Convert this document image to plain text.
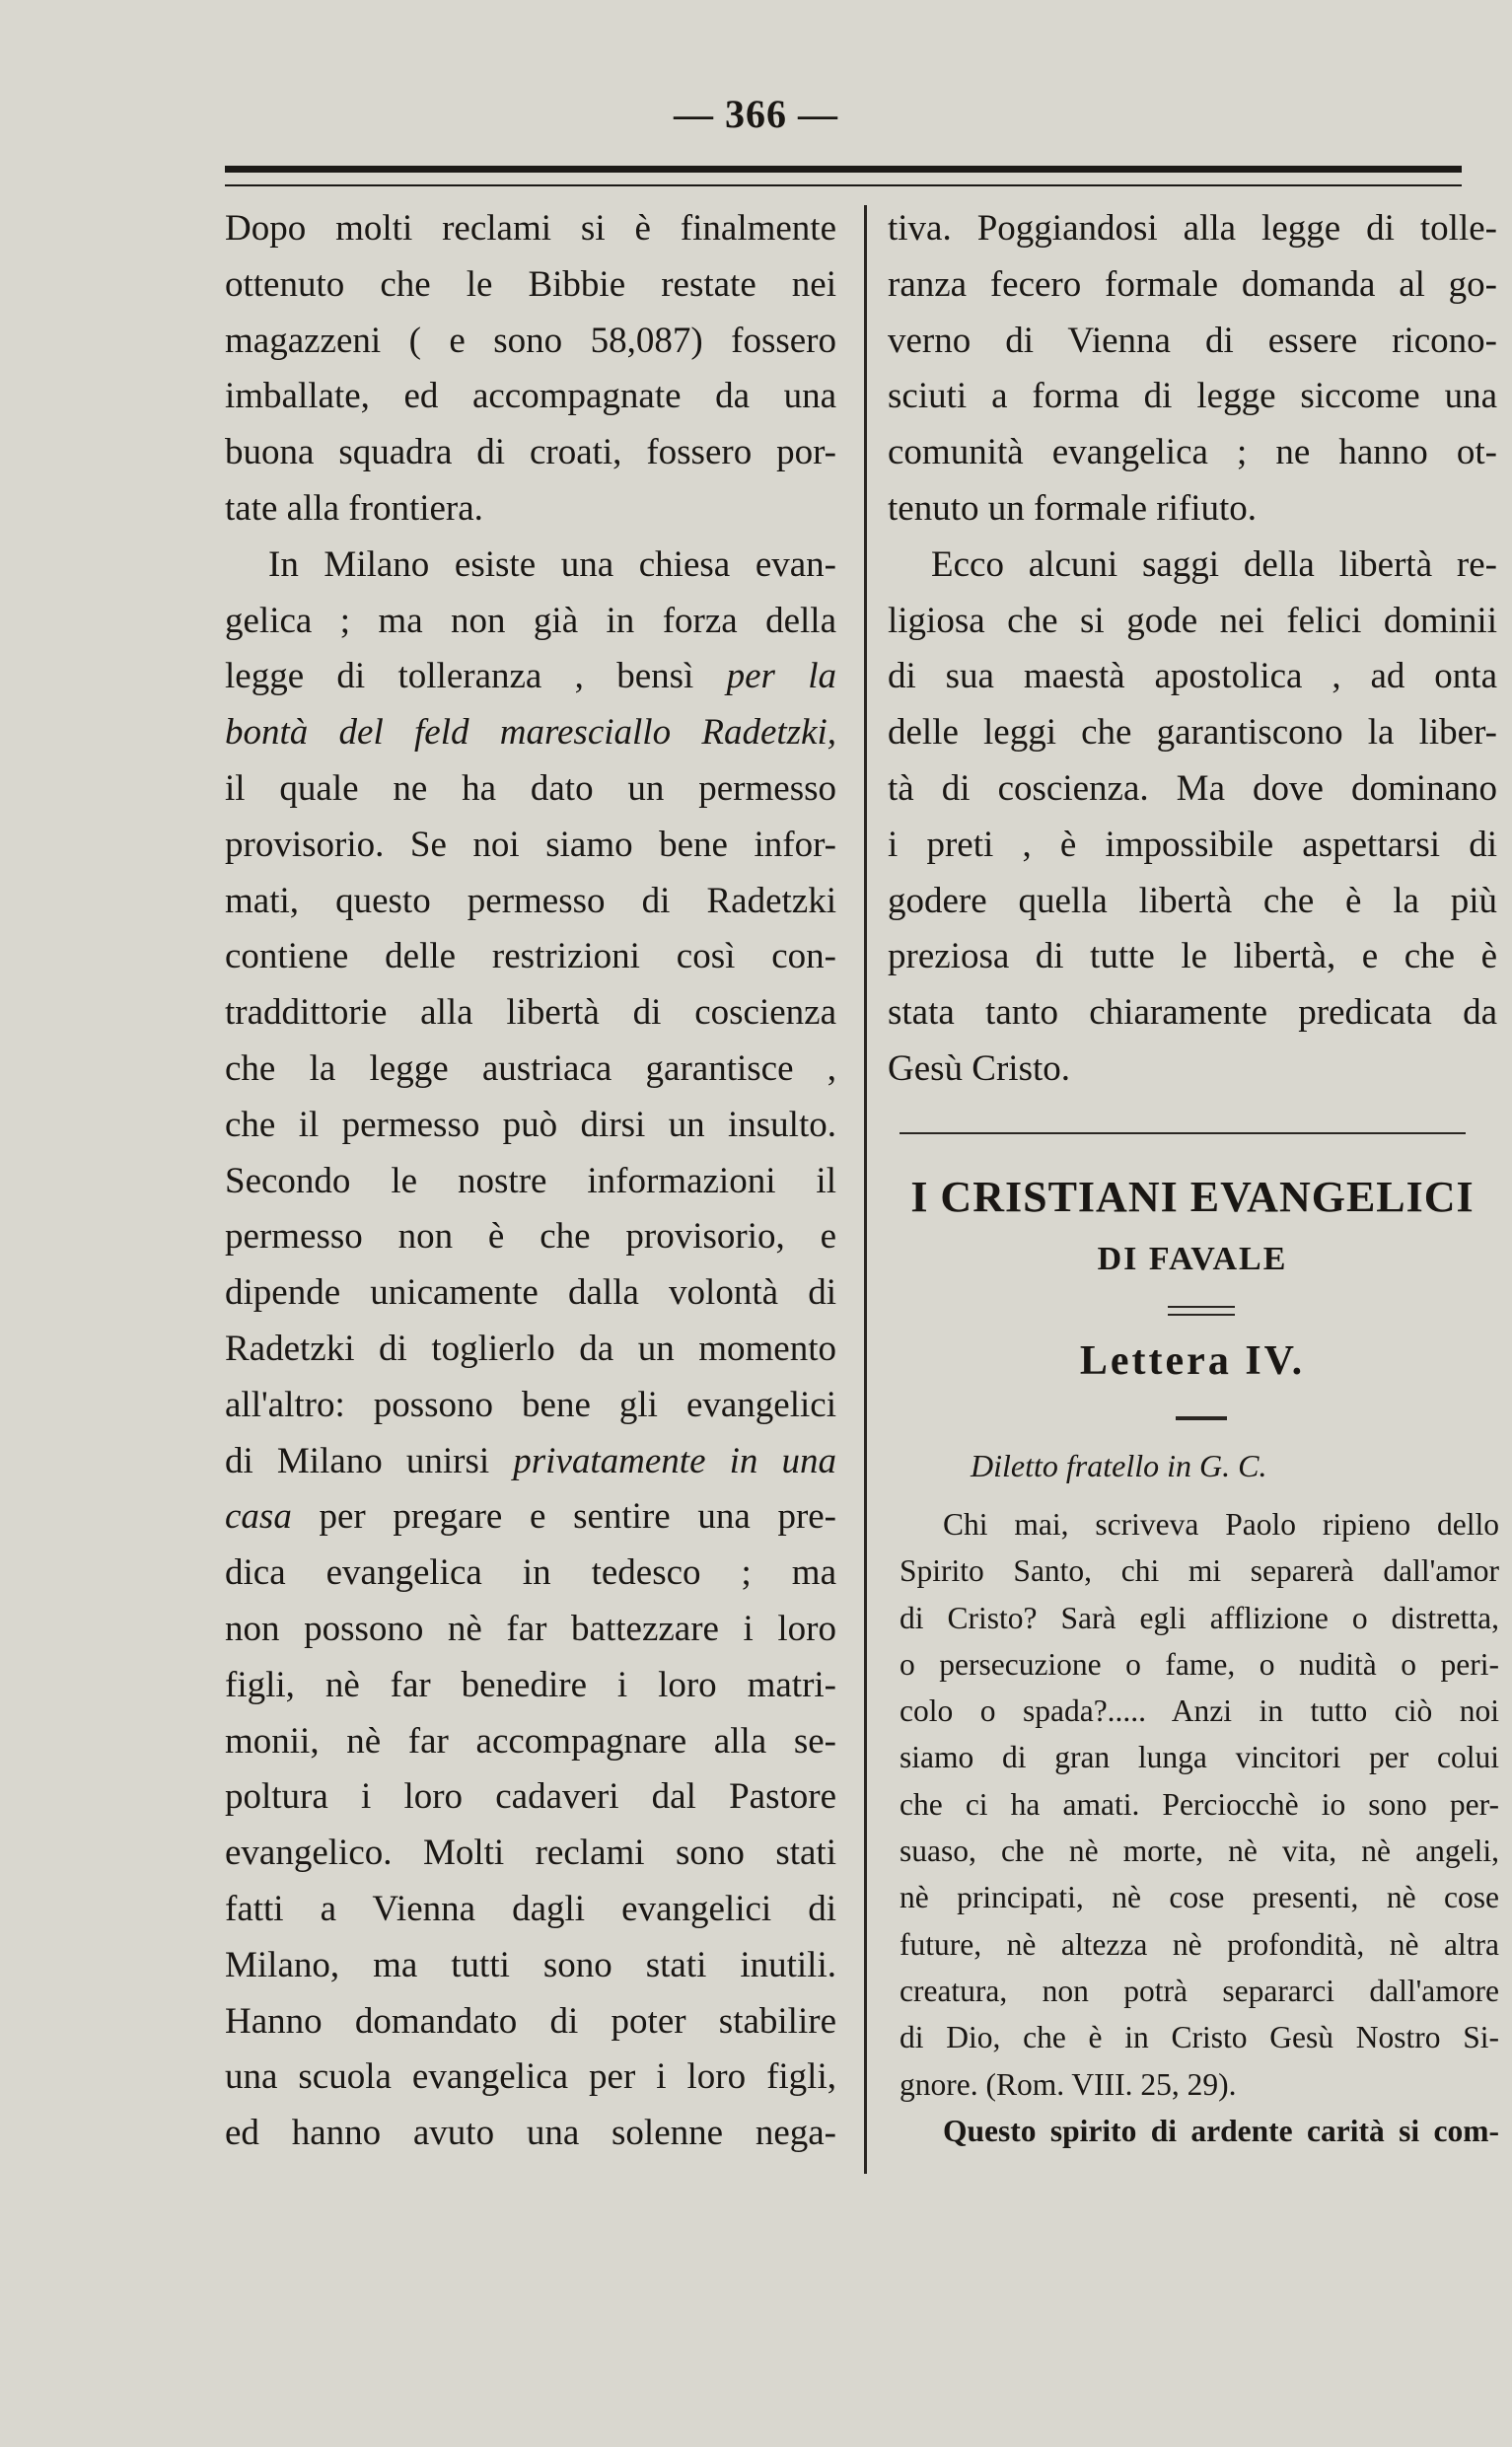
— 366 —
Dopo molti reclami si è finalmente
ottenuto che le Bibbie restate nei
magazzeni ( e sono 58,087) fossero
imballate, ed accompagnate da una
buona squadra di croati, fossero por-
tate alla frontiera.
In Milano esiste una chiesa evan-
gelica ; ma non già in forza della
legge di tolleranza , bensì per la
bontà del feld maresciallo Radetzki,
il quale ne ha dato un permesso
provisorio. Se noi siamo bene infor-
mati, questo permesso di Radetzki
contiene delle restrizioni così con-
traddittorie alla libertà di coscienza
che la legge austriaca garantisce ,
che il permesso può dirsi un insulto.
Secondo le nostre informazioni il
permesso non è che provisorio, e
dipende unicamente dalla volontà di
Radetzki di toglierlo da un momento
all'altro: possono bene gli evangelici
di Milano unirsi privatamente in una
casa per pregare e sentire una pre-
dica evangelica in tedesco ; ma
non possono nè far battezzare i loro
figli, nè far benedire i loro matri-
monii, nè far accompagnare alla se-
poltura i loro cadaveri dal Pastore
evangelico. Molti reclami sono stati
fatti a Vienna dagli evangelici di
Milano, ma tutti sono stati inutili.
Hanno domandato di poter stabilire
una scuola evangelica per i loro figli,
ed hanno avuto una solenne nega-
tiva. Poggiandosi alla legge di tolle-
ranza fecero formale domanda al go-
verno di Vienna di essere ricono-
sciuti a forma di legge siccome una
comunità evangelica ; ne hanno ot-
tenuto un formale rifiuto.
Ecco alcuni saggi della libertà re-
ligiosa che si gode nei felici dominii
di sua maestà apostolica , ad onta
delle leggi che garantiscono la liber-
tà di coscienza. Ma dove dominano
i preti , è impossibile aspettarsi di
godere quella libertà che è la più
preziosa di tutte le libertà, e che è
stata tanto chiaramente predicata da
Gesù Cristo.
I CRISTIANI EVANGELICI
DI FAVALE
Lettera IV.
Diletto fratello in G. C.
Chi mai, scriveva Paolo ripieno dello
Spirito Santo, chi mi separerà dall'amor
di Cristo? Sarà egli afflizione o distretta,
o persecuzione o fame, o nudità o peri-
colo o spada?..... Anzi in tutto ciò noi
siamo di gran lunga vincitori per colui
che ci ha amati. Perciocchè io sono per-
suaso, che nè morte, nè vita, nè angeli,
nè principati, nè cose presenti, nè cose
future, nè altezza nè profondità, nè altra
creatura, non potrà separarci dall'amore
di Dio, che è in Cristo Gesù Nostro Si-
gnore. (Rom. VIII. 25, 29).
Questo spirito di ardente carità si com-
